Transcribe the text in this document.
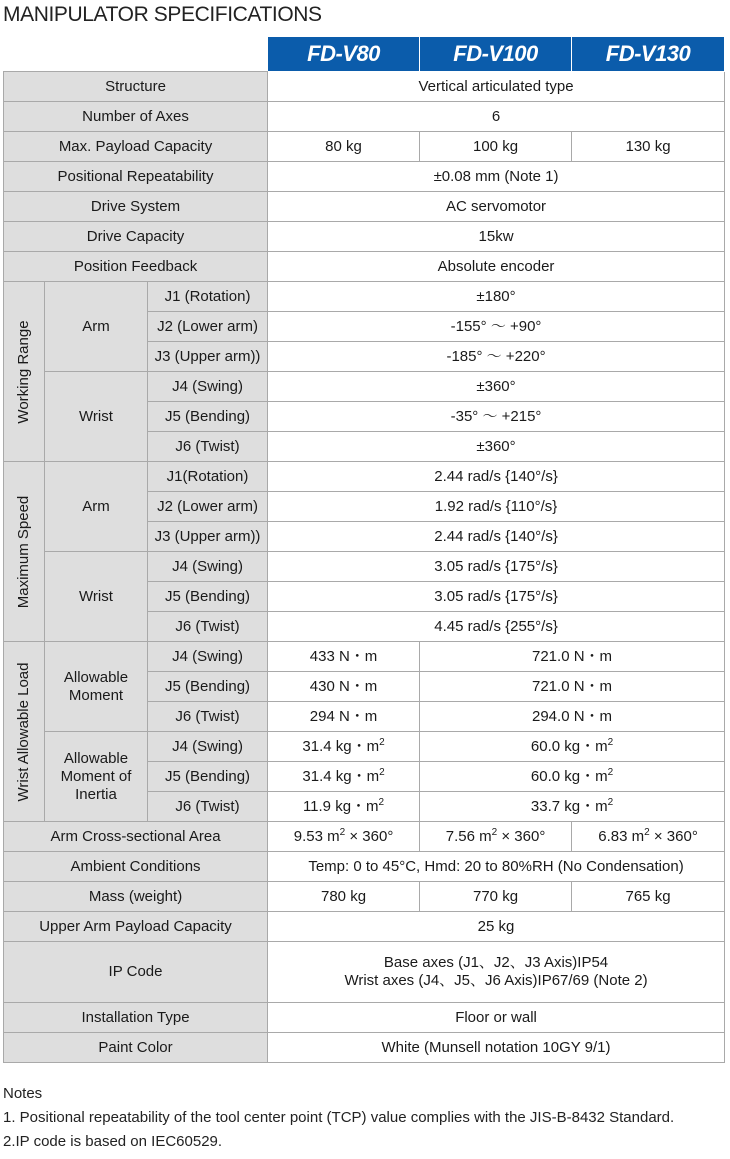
MANIPULATOR SPECIFICATIONS
			FD-V80	FD-V100	FD-V130
Structure			Vertical articulated type		
Number of Axes			6		
Max. Payload Capacity			80 kg	100 kg	130 kg
Positional Repeatability			±0.08 mm (Note 1)		
Drive System			AC servomotor		
Drive Capacity			15kw		
Position Feedback			Absolute encoder		

Working Range	Arm	J1 (Rotation)	±180°		
		J2 (Lower arm)	-155° ～ +90°		
		J3 (Upper arm))	-185° ～ +220°		
	Wrist	J4 (Swing)	±360°		
		J5 (Bending)	-35° ～ +215°		
		J6 (Twist)	±360°		

Maximum Speed	Arm	J1(Rotation)	2.44 rad/s {140°/s}		
		J2 (Lower arm)	1.92 rad/s {110°/s}		
		J3 (Upper arm))	2.44 rad/s {140°/s}		
	Wrist	J4 (Swing)	3.05 rad/s {175°/s}		
		J5 (Bending)	3.05 rad/s {175°/s}		
		J6 (Twist)	4.45 rad/s {255°/s}		

Wrist Allowable Load	Allowable
Moment	J4 (Swing)	433 N・m	721.0 N・m	
		J5 (Bending)	430 N・m	721.0 N・m	
		J6 (Twist)	294 N・m	294.0 N・m	

	Allowable
Moment of
Inertia	J4 (Swing)	31.4 kg・$m^2$	60.0 kg・$m^2$
		J5 (Bending)	31.4 kg・$m^2$	60.0 kg・$m^2$
		J6 (Twist)	11.9 kg・$m^2$	33.7 kg・$m^2$
Arm Cross-sectional Area			9.53 $m^2 \times 360^\circ$	7.56 $m^2 \times 360^\circ$	6.83 $m^2 \times 360^\circ$
Ambient Conditions			Temp: 0 to 45°C, Hmd: 20 to 80%RH (No Condensation)		
Mass (weight)			780 kg	770 kg	765 kg
Upper Arm Payload Capacity			25 kg		
IP Code			Base axes (J1、J2、J3 Axis)IP54
Wrist axes (J4、J5、J6 Axis)IP67/69 (Note 2)		

Installation Type			Floor or wall		
Paint Color			White (Munsell notation 10GY 9/1)		
Notes
1. Positional repeatability of the tool center point (TCP) value complies with the JIS-B-8432 Standard.
2.IP code is based on IEC60529.
